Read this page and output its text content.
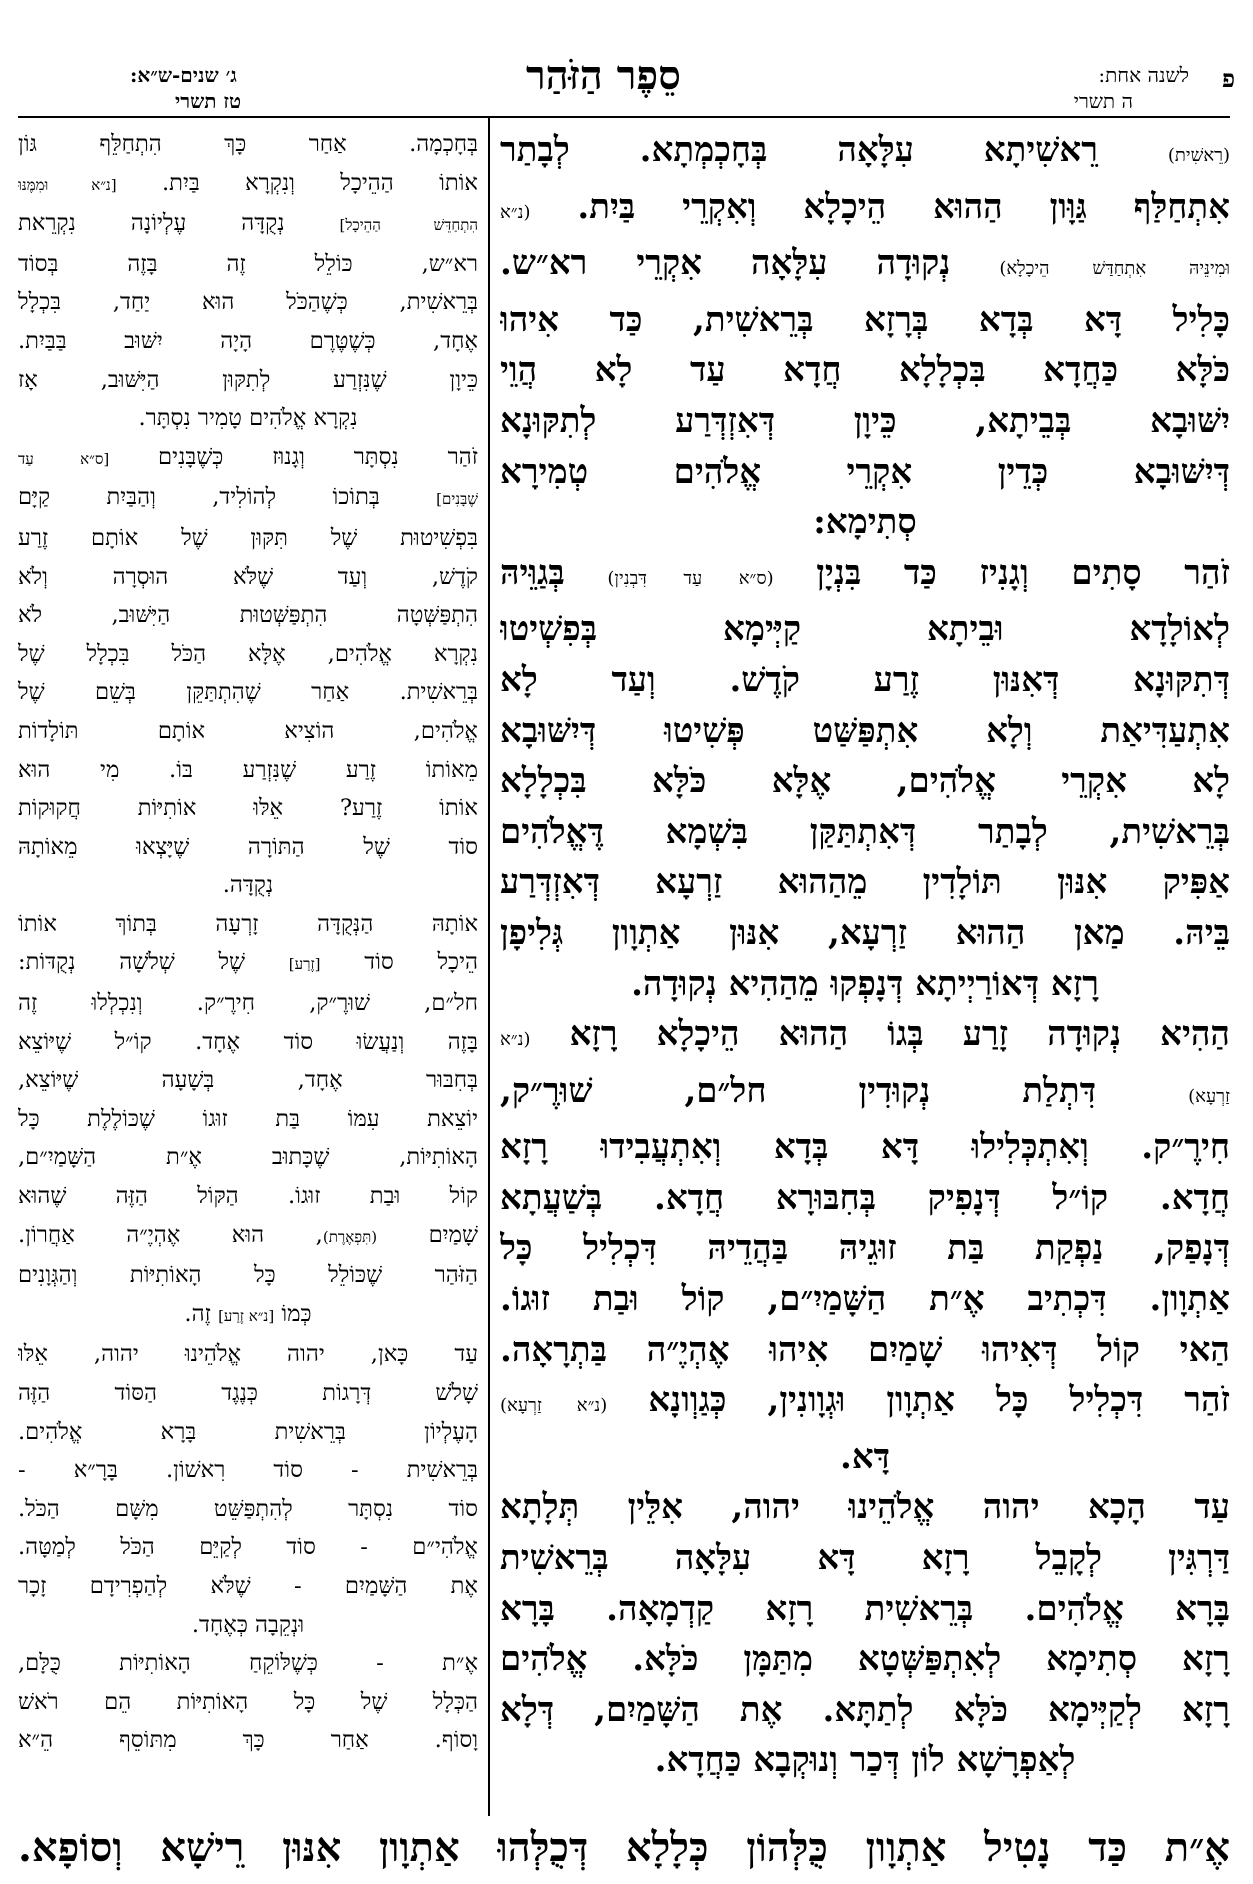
פ
לשנה אחת:
ה תשרי
סֵפֶר הַזֹּהַר
ג׳ שנים-ש״א:
טז תשרי
(רֵאשִׁית) רֵאשִׁיתָא עִלָּאָה בְּחָכְמְתָא. לְבָתַר
אִתְחַלַּף גַּוָּון הַהוּא הֵיכָלָא וְאִקְרֵי בַּיִת. (נ״א
וּמִינֵּיהּ אִתְחַדַּשׁ הֵיכָלָא) נְקוּדָה עִלָּאָה אִקְרֵי רא״ש.
כָּלִיל דָּא בְּדָא בְּרָזָא בְּרֵאשִׁית, כַּד אִיהוּ
כֹּלָּא כַּחֲדָא בִּכְלָלָא חֲדָא עַד לָא הֲוֵי
יִשּׁוּבָא בְּבֵיתָא, כֵּיוָן דְּאִזְדְּרַע לְתִקּוּנָא
דְּיִשּׁוּבָא כְּדֵין אִקְרֵי אֱלֹהִים טְמִירָא
סְתִימָא:
זֹהַר סָתִים וְגָנִיז כַּד בִּנְיָן (ס״א עַד דִּבְנִין) בְּגַוֵּיהּ
לְאוֹלָדָא וּבֵיתָא קַיְּימָא בְּפִשְׁיטוּ
דְּתִקּוּנָא דְּאִנּוּן זֶרַע קֹדֶשׁ. וְעַד לָא
אִתְעַדִּיאַת וְלָא אִתְפַּשַּׁט פְּשִׁיטוּ דְּיִשּׁוּבָא
לָא אִקְרֵי אֱלֹהִים, אֶלָּא כֹּלָּא בִּכְלָלָא
בְּרֵאשִׁית, לְבָתַר דְּאִתְתַּקַּן בִּשְׁמָא דֶּאֱלֹהִים
אַפִּיק אִנּוּן תּוֹלָדִין מֵהַהוּא זַרְעָא דְּאִזְדְּרַע
בֵּיהּ. מַאן הַהוּא זַרְעָא, אִנּוּן אַתְוָון גְּלִיפָן
רָזָא דְּאוֹרַיְיתָא דְּנָפְקוּ מֵהַהִיא נְקוּדָה.
הַהִיא נְקוּדָה זָרַע בְּגוֹ הַהוּא הֵיכָלָא רָזָא (נ״א
זַרְעָא) דִּתְלַת נְקוּדִין חל״ם, שׁוּרֶ״ק,
חִירֶ״ק. וְאִתְכְּלִילוּ דָּא בְּדָא וְאִתְעֲבִידוּ רָזָא
חֲדָא. קוֹ״ל דְּנָפִיק בְּחִבּוּרָא חֲדָא. בְּשַׁעֲתָא
דְּנָפַק, נַפְקַת בַּת זוּגֵיהּ בַּהֲדֵיהּ דִּכְלִיל כָּל
אַתְוָון. דִּכְתִיב אֶ״ת הַשָּׁמַיִ״ם, קוֹל וּבַת זוּגוֹ.
הַאי קוֹל דְּאִיהוּ שָׁמַיִם אִיהוּ אֶהְיֶ״ה בַּתְרָאָה.
זֹהַר דִּכְלִיל כָּל אַתְוָון וּגְוָונִין, כְּגַוְונָא (נ״א זַרְעָא)
דָּא.
עַד הָכָא יהוה אֱלֹהֵינוּ יהוה, אִלֵּין תְּלָתָא
דַּרְגִּין לְקָבֵל רָזָא דָּא עִלָּאָה בְּרֵאשִׁית
בָּרָא אֱלֹהִים. בְּרֵאשִׁית רָזָא קַדְמָאָה. בָּרָא
רָזָא סְתִימָא לְאִתְפַּשְּׁטָא מִתַּמָּן כֹּלָּא. אֱלֹהִים
רָזָא לְקַיְּימָא כֹּלָּא לְתַתָּא. אֶת הַשָּׁמַיִם, דְּלָא
לְאַפְרָשָׁא לוֹן דְּכַר וְנוּקְבָא כַּחֲדָא.
בְּחָכְמָה. אַחַר כָּךְ הִתְחַלֵּף גּוֹן
אוֹתוֹ הַהֵיכָל וְנִקְרָא בַּיִת. [נ״א וּמִמֶּנּוּ
הִתְחַדֵּשׁ הַהֵיכָל] נְקֻדָּה עֶלְיוֹנָה נִקְרֵאת
רא״ש, כּוֹלֵל זֶה בָּזֶה בְּסוֹד
בְּרֵאשִׁית, כְּשֶׁהַכֹּל הוּא יַחַד, בִּכְלָל
אֶחָד, כְּשֶׁטֶּרֶם הָיָה יִשּׁוּב בַּבַּיִת.
כֵּיוָן שֶׁנִּזְרַע לְתִקּוּן הַיִּשּׁוּב, אָז
נִקְרָא אֱלֹהִים טָמִיר נִסְתָּר.
זֹהַר נִסְתָּר וְגָנוּז כְּשֶׁבָּנִים [ס״א עַד
שֶׁבָּנִים] בְּתוֹכוֹ לְהוֹלִיד, וְהַבַּיִת קַיָּם
בִּפְשִׁיטוּת שֶׁל תִּקּוּן שֶׁל אוֹתָם זֶרַע
קֹדֶשׁ, וְעַד שֶׁלֹּא הוּסְרָה וְלֹא
הִתְפַּשְּׁטָה הִתְפַּשְּׁטוּת הַיִּשּׁוּב, לֹא
נִקְרָא אֱלֹהִים, אֶלָּא הַכֹּל בִּכְלָל שֶׁל
בְּרֵאשִׁית. אַחַר שֶׁהִתְתַּקֵּן בְּשֵׁם שֶׁל
אֱלֹהִים, הוֹצִיא אוֹתָם תּוֹלָדוֹת
מֵאוֹתוֹ זֶרַע שֶׁנִּזְרַע בּוֹ. מִי הוּא
אוֹתוֹ זֶרַע? אֵלּוּ אוֹתִיּוֹת חֲקוּקוֹת
סוֹד שֶׁל הַתּוֹרָה שֶׁיָּצְאוּ מֵאוֹתָהּ
נְקֻדָּה.
אוֹתָהּ הַנְּקֻדָּה זָרְעָה בְּתוֹךְ אוֹתוֹ
הֵיכָל סוֹד [זֶרַע] שֶׁל שְׁלֹשָׁה נְקֻדּוֹת:
חל״ם, שׁוּרֶ״ק, חִירֶ״ק. וְנִכְלְלוּ זֶה
בָּזֶה וְנַעֲשׂוּ סוֹד אֶחָד. קוֹ״ל שֶׁיּוֹצֵא
בְּחִבּוּר אֶחָד, בְּשָׁעָה שֶׁיּוֹצֵא,
יוֹצֵאת עִמּוֹ בַּת זוּגוֹ שֶׁכּוֹלֶלֶת כָּל
הָאוֹתִיּוֹת, שֶׁכָּתוּב אֶ״ת הַשָּׁמַיִ״ם,
קוֹל וּבַת זוּגוֹ. הַקּוֹל הַזֶּה שֶׁהוּא
שָׁמַיִם (תִּפְאֶרֶת), הוּא אֶהְיֶ״ה אַחֲרוֹן.
הַזֹּהַר שֶׁכּוֹלֵל כָּל הָאוֹתִיּוֹת וְהַגְּוָנִים
כְּמוֹ [נ״א זֶרַע] זֶה.
עַד כָּאן, יהוה אֱלֹהֵינוּ יהוה, אֵלּוּ
שָׁלֹשׁ דְּרָגוֹת כְּנֶגֶד הַסּוֹד הַזֶּה
הָעֶלְיוֹן בְּרֵאשִׁית בָּרָא אֱלֹהִים.
בְּרֵאשִׁית - סוֹד רִאשׁוֹן. בָּרָ״א -
סוֹד נִסְתָּר לְהִתְפַּשֵּׁט מִשָּׁם הַכֹּל.
אֱלֹהִי״ם - סוֹד לְקַיֵּם הַכֹּל לְמַטָּה.
אֶת הַשָּׁמַיִם - שֶׁלֹּא לְהַפְרִידָם זָכָר
וּנְקֵבָה כְּאֶחָד.
אֶ״ת - כְּשֶׁלּוֹקֵחַ הָאוֹתִיּוֹת כֻּלָּם,
הַכְּלָל שֶׁל כָּל הָאוֹתִיּוֹת הֵם רֹאשׁ
וָסוֹף. אַחַר כָּךְ מִתּוֹסֵף הֵ״א
אֶ״ת כַּד נָטִיל אַתְוָון כֻּלְּהוֹן כְּלָלָא דְּכֻלְּהוּ אַתְוָון אִנּוּן רֵישָׁא וְסוֹפָא.
